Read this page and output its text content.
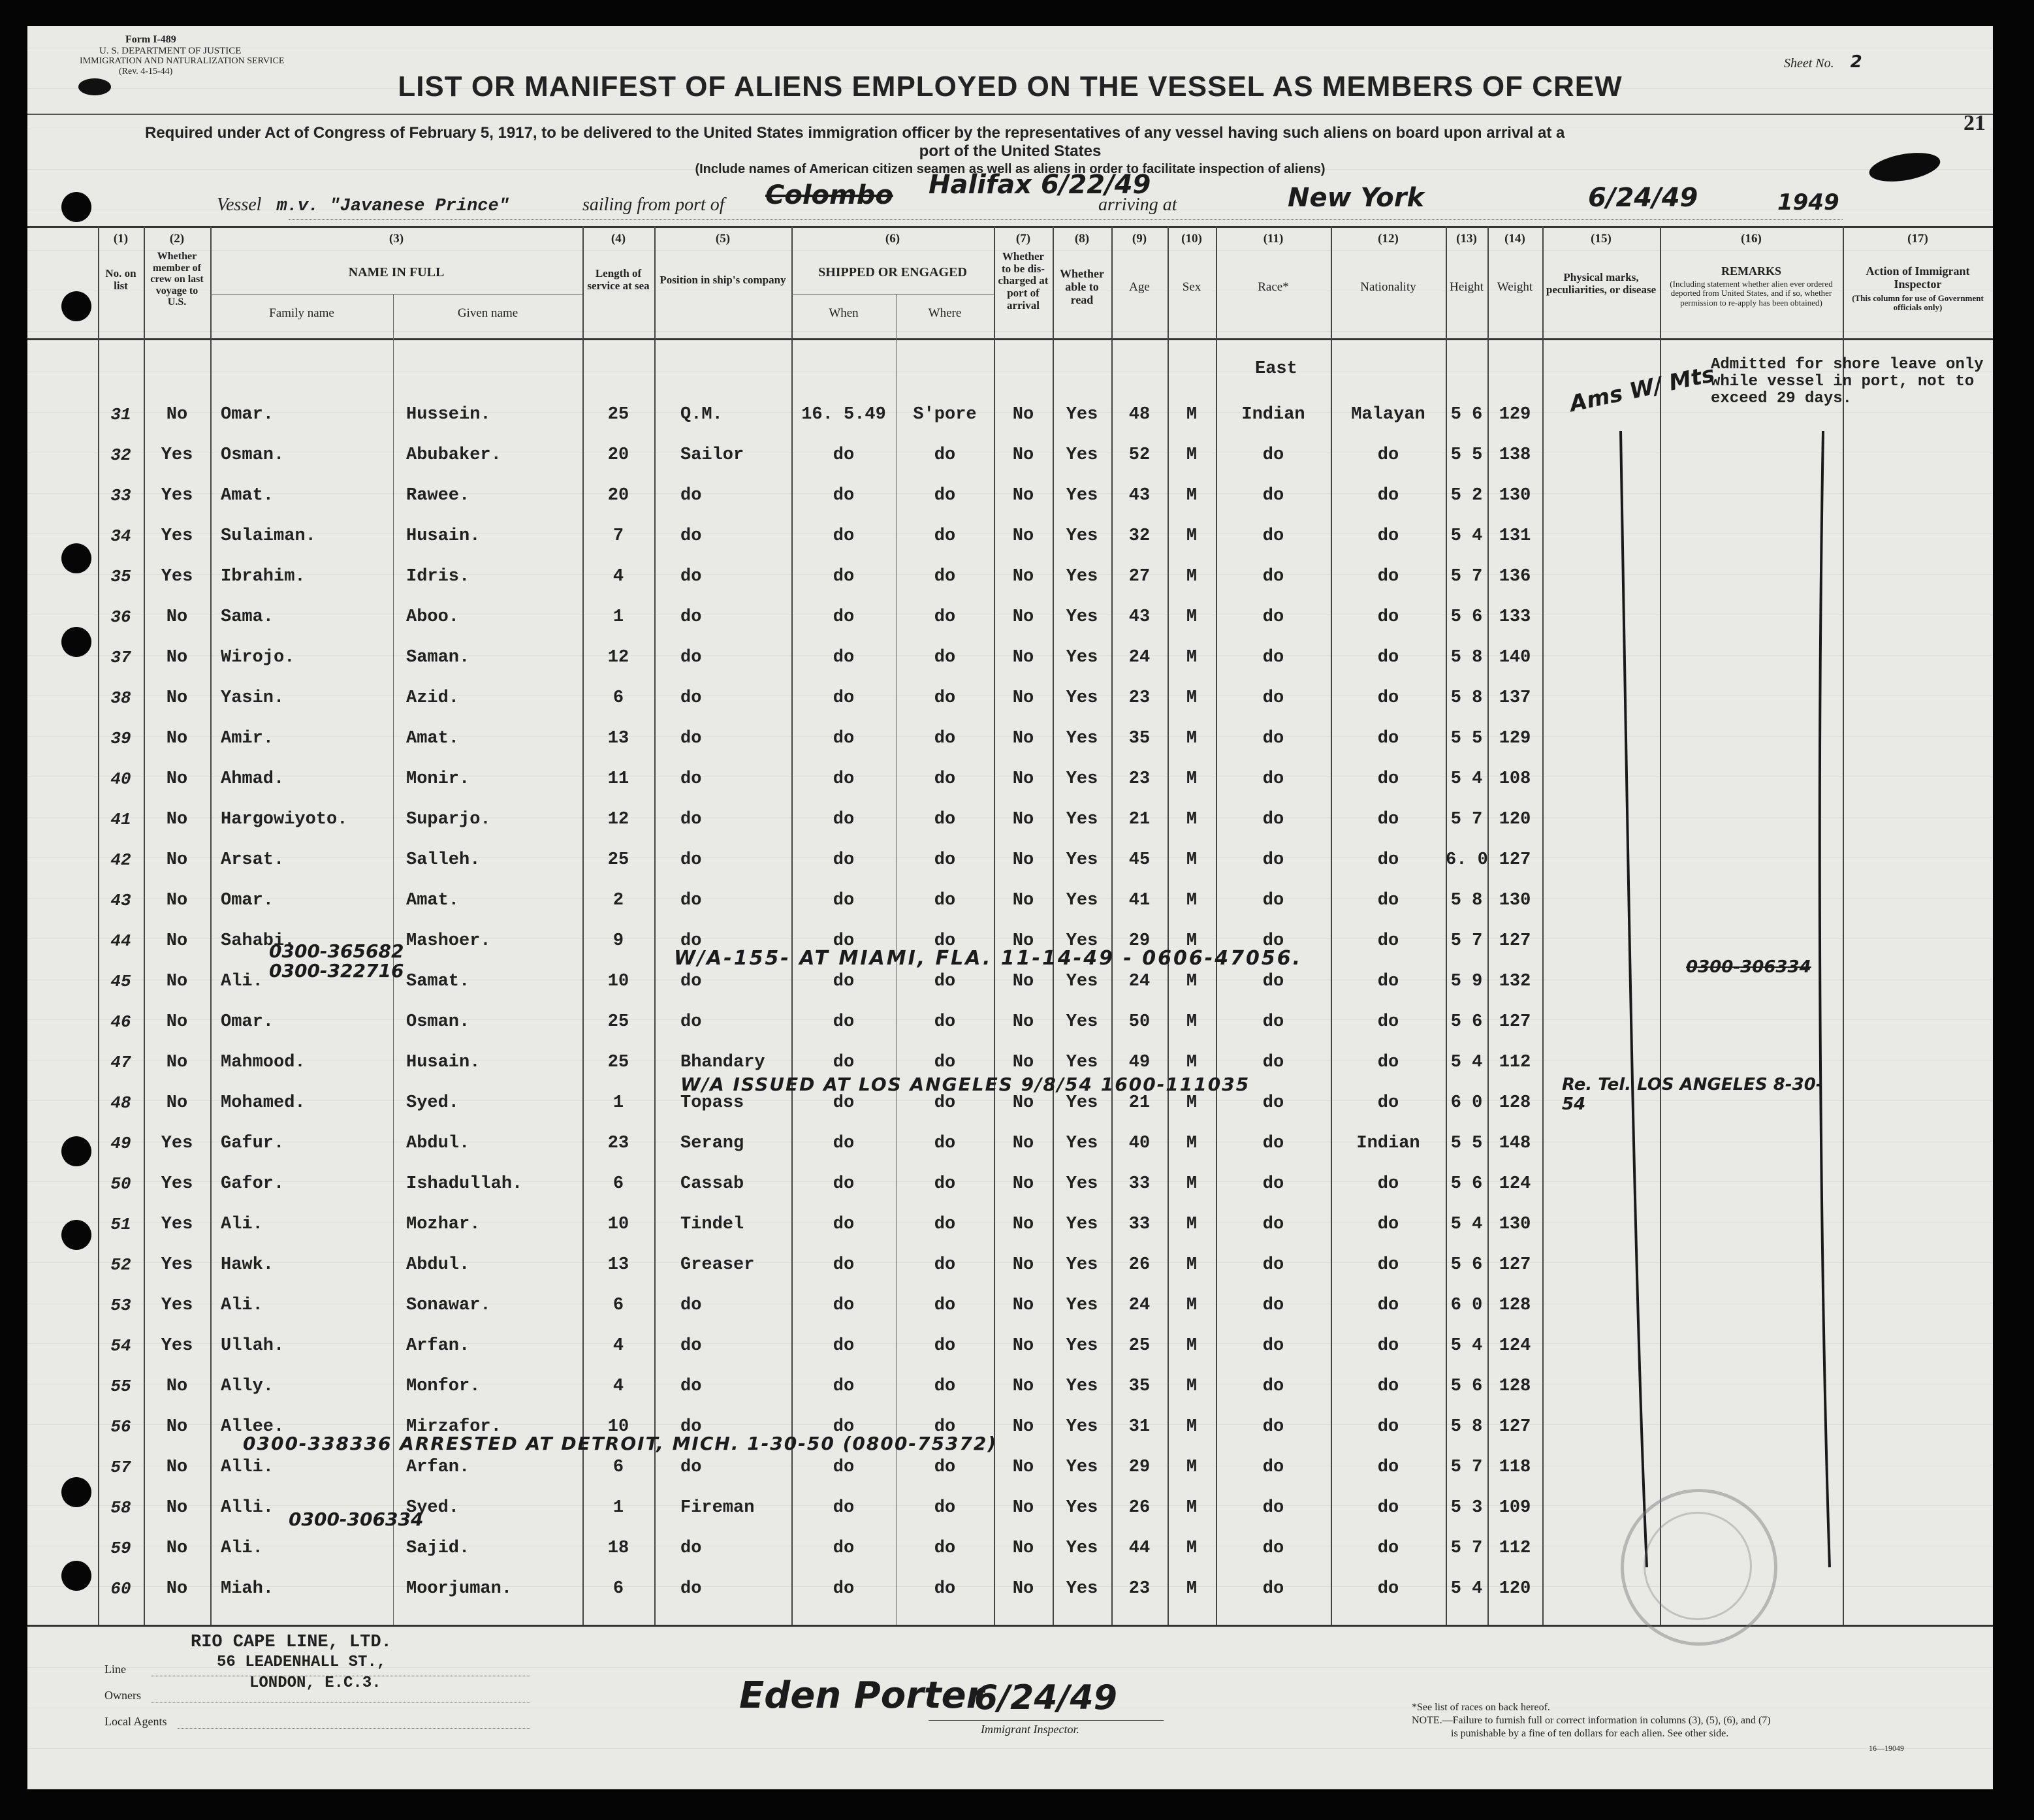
Form I-489
U. S. DEPARTMENT OF JUSTICE
IMMIGRATION AND NATURALIZATION SERVICE
(Rev. 4-15-44)
Sheet No. 2
21
LIST OR MANIFEST OF ALIENS EMPLOYED ON THE VESSEL AS MEMBERS OF CREW
Required under Act of Congress of February 5, 1917, to be delivered to the United States immigration officer by the representatives of any vessel having such aliens on board upon arrival at a
port of the United States
(Include names of American citizen seamen as well as aliens in order to facilitate inspection of aliens)
Vessel m.v. "Javanese Prince"	sailing from port of Colombo Halifax 6/22/49
arriving at	New York	6/24/49	1949
(1)	(2)	(3)	(4)	(5)	(6)	(7)	(8)	(9)	(10)	(11)	(12)	(13)	(14)	(15)	(16)	(17)
No. on list
Whether member of crew on last voyage to U.S.
NAME IN FULL
Family name	Given name
Length of service at sea Position in ship's company
SHIPPED OR ENGAGED
When	Where
Whether to be dis-charged at port of arrival
Whether able to read
Age	Sex	Race*	Nationality	Height	Weight
Physical marks, peculiarities, or disease
REMARKS
(Including statement whether alien ever ordered deported from United States, and if so, whether permission to re-apply has been obtained)
Action of Immigrant Inspector
(This column for use of Government officials only)
31	No	Omar.	Hussein.	25	Q.M.	16. 5.49	S'pore	No	Yes	48	M	Indian	Malayan	5 6 129
32	Yes	Osman.	Abubaker.	20	Sailor	do	do	No	Yes	52	M	do	do	5 5 138
33	Yes	Amat.	Rawee.	20	do	do	do	No	Yes	43	M	do	do	5 2 130
34	Yes	Sulaiman.	Husain.	7	do	do	do	No	Yes	32	M	do	do	5 4 131
35	Yes	Ibrahim.	Idris.	4	do	do	do	No	Yes	27	M	do	do	5 7 136
36	No	Sama.	Aboo.	1	do	do	do	No	Yes	43	M	do	do	5 6 133
37	No	Wirojo.	Saman.	12	do	do	do	No	Yes	24	M	do	do	5 8 140
38	No	Yasin.	Azid.	6	do	do	do	No	Yes	23	M	do	do	5 8 137
39	No	Amir.	Amat.	13	do	do	do	No	Yes	35	M	do	do	5 5 129
40	No	Ahmad.	Monir.	11	do	do	do	No	Yes	23	M	do	do	5 4 108
41	No	Hargowiyoto.	Suparjo.	12	do	do	do	No	Yes	21	M	do	do	5 7 120
42	No	Arsat.	Salleh.	25	do	do	do	No	Yes	45	M	do	do	6. 0 127
43	No	Omar.	Amat.	2	do	do	do	No	Yes	41	M	do	do	5 8 130
44	No	Sahabi.	Mashoer.	9	do	do	do	No	Yes	29	M	do	do	5 7 127
45	No	Ali.	Samat.	10	do	do	do	No	Yes	24	M	do	do	5 9 132
46	No	Omar.	Osman.	25	do	do	do	No	Yes	50	M	do	do	5 6 127
47	No	Mahmood.	Husain.	25	Bhandary	do	do	No	Yes	49	M	do	do	5 4 112
48	No	Mohamed.	Syed.	1	Topass	do	do	No	Yes	21	M	do	do	6 0 128
49	Yes	Gafur.	Abdul.	23	Serang	do	do	No	Yes	40	M	do	Indian	5 5 148
50	Yes	Gafor.	Ishadullah.	6	Cassab	do	do	No	Yes	33	M	do	do	5 6 124
51	Yes	Ali.	Mozhar.	10	Tindel	do	do	No	Yes	33	M	do	do	5 4 130
52	Yes	Hawk.	Abdul.	13	Greaser	do	do	No	Yes	26	M	do	do	5 6 127
53	Yes	Ali.	Sonawar.	6	do	do	do	No	Yes	24	M	do	do	6 0 128
54	Yes	Ullah.	Arfan.	4	do	do	do	No	Yes	25	M	do	do	5 4 124
55	No	Ally.	Monfor.	4	do	do	do	No	Yes	35	M	do	do	5 6 128
56	No	Allee.	Mirzafor.	10	do	do	do	No	Yes	31	M	do	do	5 8 127
57	No	Alli.	Arfan.	6	do	do	do	No	Yes	29	M	do	do	5 7 118
58	No	Alli.	Syed.	1	Fireman	do	do	No	Yes	26	M	do	do	5 3 109
59	No	Ali.	Sajid.	18	do	do	do	No	Yes	44	M	do	do	5 7 112
60	No	Miah.	Moorjuman.	6	do	do	do	No	Yes	23	M	do	do	5 4 120
East	Admitted for shore leave only while vessel in port, not to exceed 29 days.
Ams W/ Mts
0300-365682
0300-322716
W/A-155- AT MIAMI, FLA. 11-14-49 - 0606-47056.	0300-306334
W/A ISSUED AT LOS ANGELES 9/8/54 1600-111035	Re. Tel. LOS ANGELES 8-30-54
0300-338336 ARRESTED AT DETROIT, MICH. 1-30-50 (0800-75372)
0300-306334
RIO CAPE LINE, LTD.
56 LEADENHALL ST.,
LONDON, E.C.3.
Line
Owners
Local Agents
Eden Porter
6/24/49
Immigrant Inspector.
*See list of races on back hereof.
NOTE.—Failure to furnish full or correct information in columns (3), (5), (6), and (7)
is punishable by a fine of ten dollars for each alien. See other side.
16—19049
